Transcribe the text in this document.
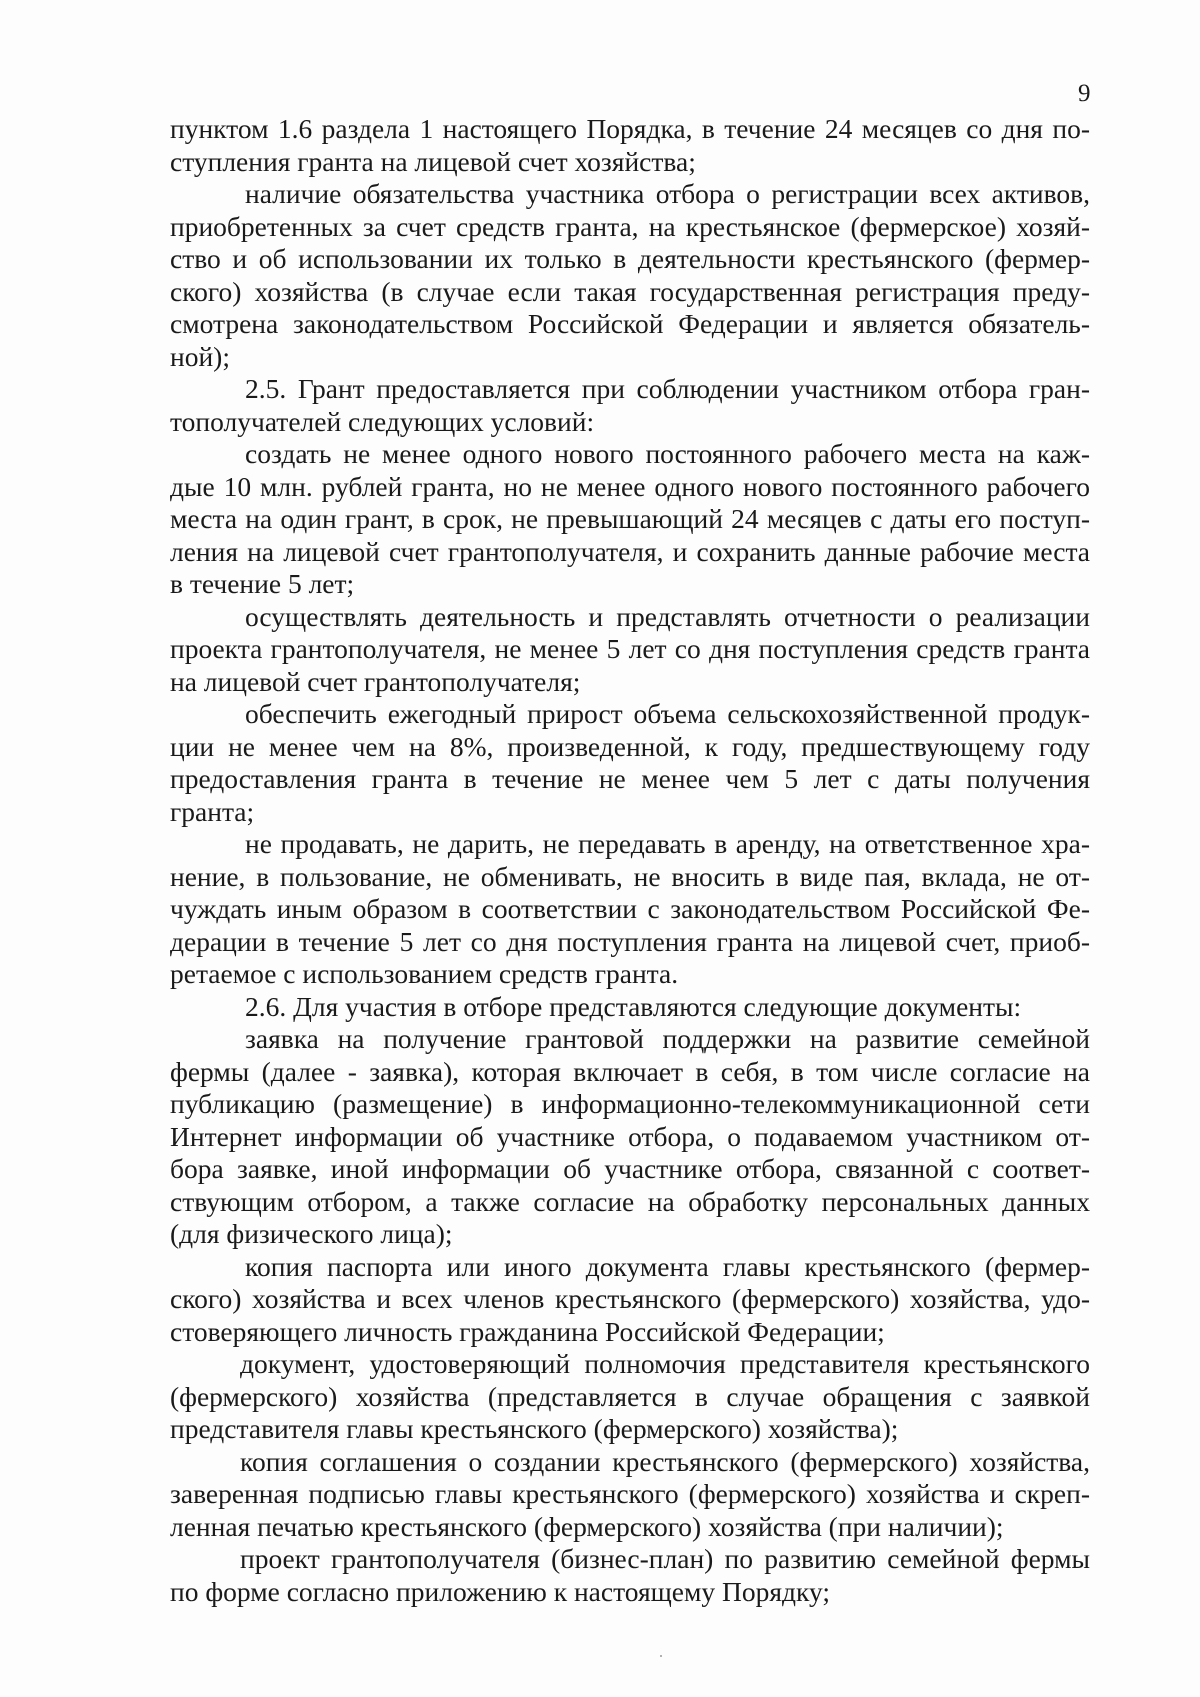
9
пунктом 1.6 раздела 1 настоящего Порядка, в течение 24 месяцев со дня по-
ступления гранта на лицевой счет хозяйства;
наличие обязательства участника отбора о регистрации всех активов,
приобретенных за счет средств гранта, на крестьянское (фермерское) хозяй-
ство и об использовании их только в деятельности крестьянского (фермер-
ского) хозяйства (в случае если такая государственная регистрация преду-
смотрена законодательством Российской Федерации и является обязатель-
ной);
2.5. Грант предоставляется при соблюдении участником отбора гран-
тополучателей следующих условий:
создать не менее одного нового постоянного рабочего места на каж-
дые 10 млн. рублей гранта, но не менее одного нового постоянного рабочего
места на один грант, в срок, не превышающий 24 месяцев с даты его поступ-
ления на лицевой счет грантополучателя, и сохранить данные рабочие места
в течение 5 лет;
осуществлять деятельность и представлять отчетности о реализации
проекта грантополучателя, не менее 5 лет со дня поступления средств гранта
на лицевой счет грантополучателя;
обеспечить ежегодный прирост объема сельскохозяйственной продук-
ции не менее чем на 8%, произведенной, к году, предшествующему году
предоставления гранта в течение не менее чем 5 лет с даты получения
гранта;
не продавать, не дарить, не передавать в аренду, на ответственное хра-
нение, в пользование, не обменивать, не вносить в виде пая, вклада, не от-
чуждать иным образом в соответствии с законодательством Российской Фе-
дерации в течение 5 лет со дня поступления гранта на лицевой счет, приоб-
ретаемое с использованием средств гранта.
2.6. Для участия в отборе представляются следующие документы:
заявка на получение грантовой поддержки на развитие семейной
фермы (далее - заявка), которая включает в себя, в том числе согласие на
публикацию (размещение) в информационно-телекоммуникационной сети
Интернет информации об участнике отбора, о подаваемом участником от-
бора заявке, иной информации об участнике отбора, связанной с соответ-
ствующим отбором, а также согласие на обработку персональных данных
(для физического лица);
копия паспорта или иного документа главы крестьянского (фермер-
ского) хозяйства и всех членов крестьянского (фермерского) хозяйства, удо-
стоверяющего личность гражданина Российской Федерации;
документ, удостоверяющий полномочия представителя крестьянского
(фермерского) хозяйства (представляется в случае обращения с заявкой
представителя главы крестьянского (фермерского) хозяйства);
копия соглашения о создании крестьянского (фермерского) хозяйства,
заверенная подписью главы крестьянского (фермерского) хозяйства и скреп-
ленная печатью крестьянского (фермерского) хозяйства (при наличии);
проект грантополучателя (бизнес-план) по развитию семейной фермы
по форме согласно приложению к настоящему Порядку;
